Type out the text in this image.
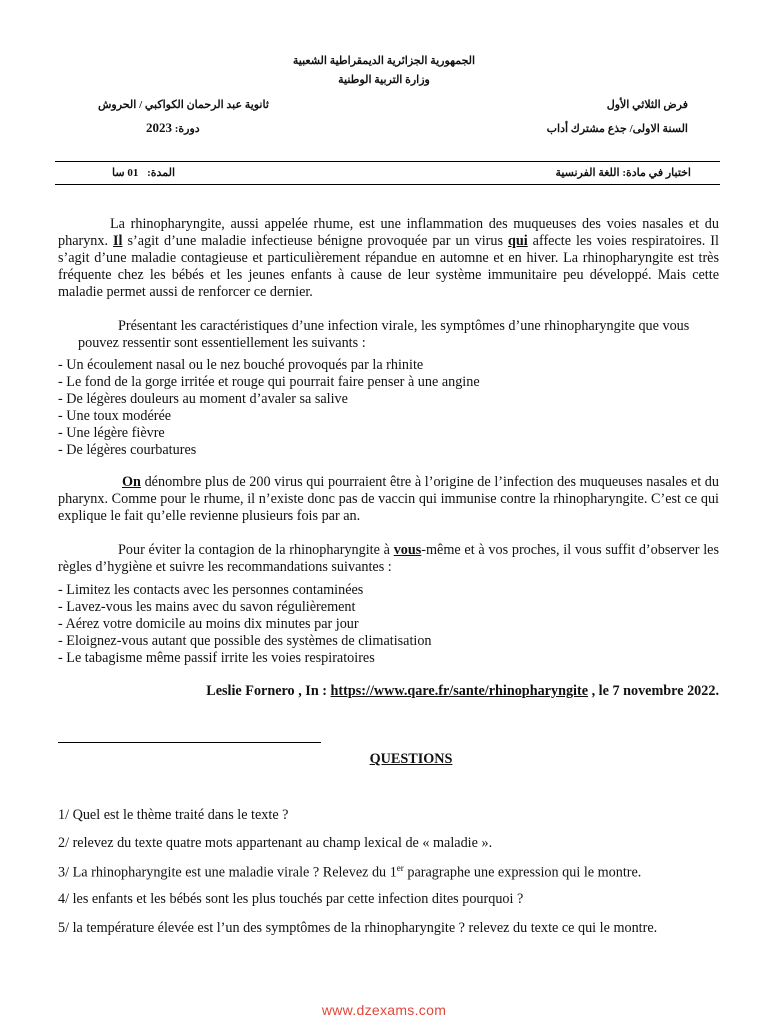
الجمهورية الجزائرية الديمقراطية الشعبية
وزارة التربية الوطنية
فرض الثلاثي الأول
السنة الاولى/ جذع مشترك أداب
ثانوية عبد الرحمان الكواكبي / الحروش
دورة: 2023
اختبار في مادة: اللغة الفرنسية
المدة: 01 سا
La rhinopharyngite, aussi appelée rhume, est une inflammation des muqueuses des voies nasales et du pharynx. Il s’agit d’une maladie infectieuse bénigne provoquée par un virus qui affecte les voies respiratoires. Il s’agit d’une maladie contagieuse et particulièrement répandue en automne et en hiver. La rhinopharyngite est très fréquente chez les bébés et les jeunes enfants à cause de leur système immunitaire peu développé. Mais cette maladie permet aussi de renforcer ce dernier.
Présentant les caractéristiques d’une infection virale, les symptômes d’une rhinopharyngite que vous pouvez ressentir sont essentiellement les suivants :
- Un écoulement nasal ou le nez bouché provoqués par la rhinite
- Le fond de la gorge irritée et rouge qui pourrait faire penser à une angine
- De légères douleurs au moment d’avaler sa salive
- Une toux modérée
- Une légère fièvre
- De légères courbatures
On dénombre plus de 200 virus qui pourraient être à l’origine de l’infection des muqueuses nasales et du pharynx. Comme pour le rhume, il n’existe donc pas de vaccin qui immunise contre la rhinopharyngite. C’est ce qui explique le fait qu’elle revienne plusieurs fois par an.
Pour éviter la contagion de la rhinopharyngite à vous-même et à vos proches, il vous suffit d’observer les règles d’hygiène et suivre les recommandations suivantes :
- Limitez les contacts avec les personnes contaminées
- Lavez-vous les mains avec du savon régulièrement
- Aérez votre domicile au moins dix minutes par jour
- Eloignez-vous autant que possible des systèmes de climatisation
- Le tabagisme même passif irrite les voies respiratoires
Leslie Fornero , In : https://www.qare.fr/sante/rhinopharyngite , le 7 novembre 2022.
QUESTIONS
1/ Quel est le thème traité dans le texte ?
2/ relevez du texte quatre mots appartenant au champ lexical de « maladie ».
3/ La rhinopharyngite est une maladie virale ? Relevez du 1er paragraphe une expression qui le montre.
4/ les enfants et les bébés sont les plus touchés par cette infection dites pourquoi ?
5/ la température élevée est l’un des symptômes de la rhinopharyngite ? relevez du texte ce qui le montre.
www.dzexams.com
